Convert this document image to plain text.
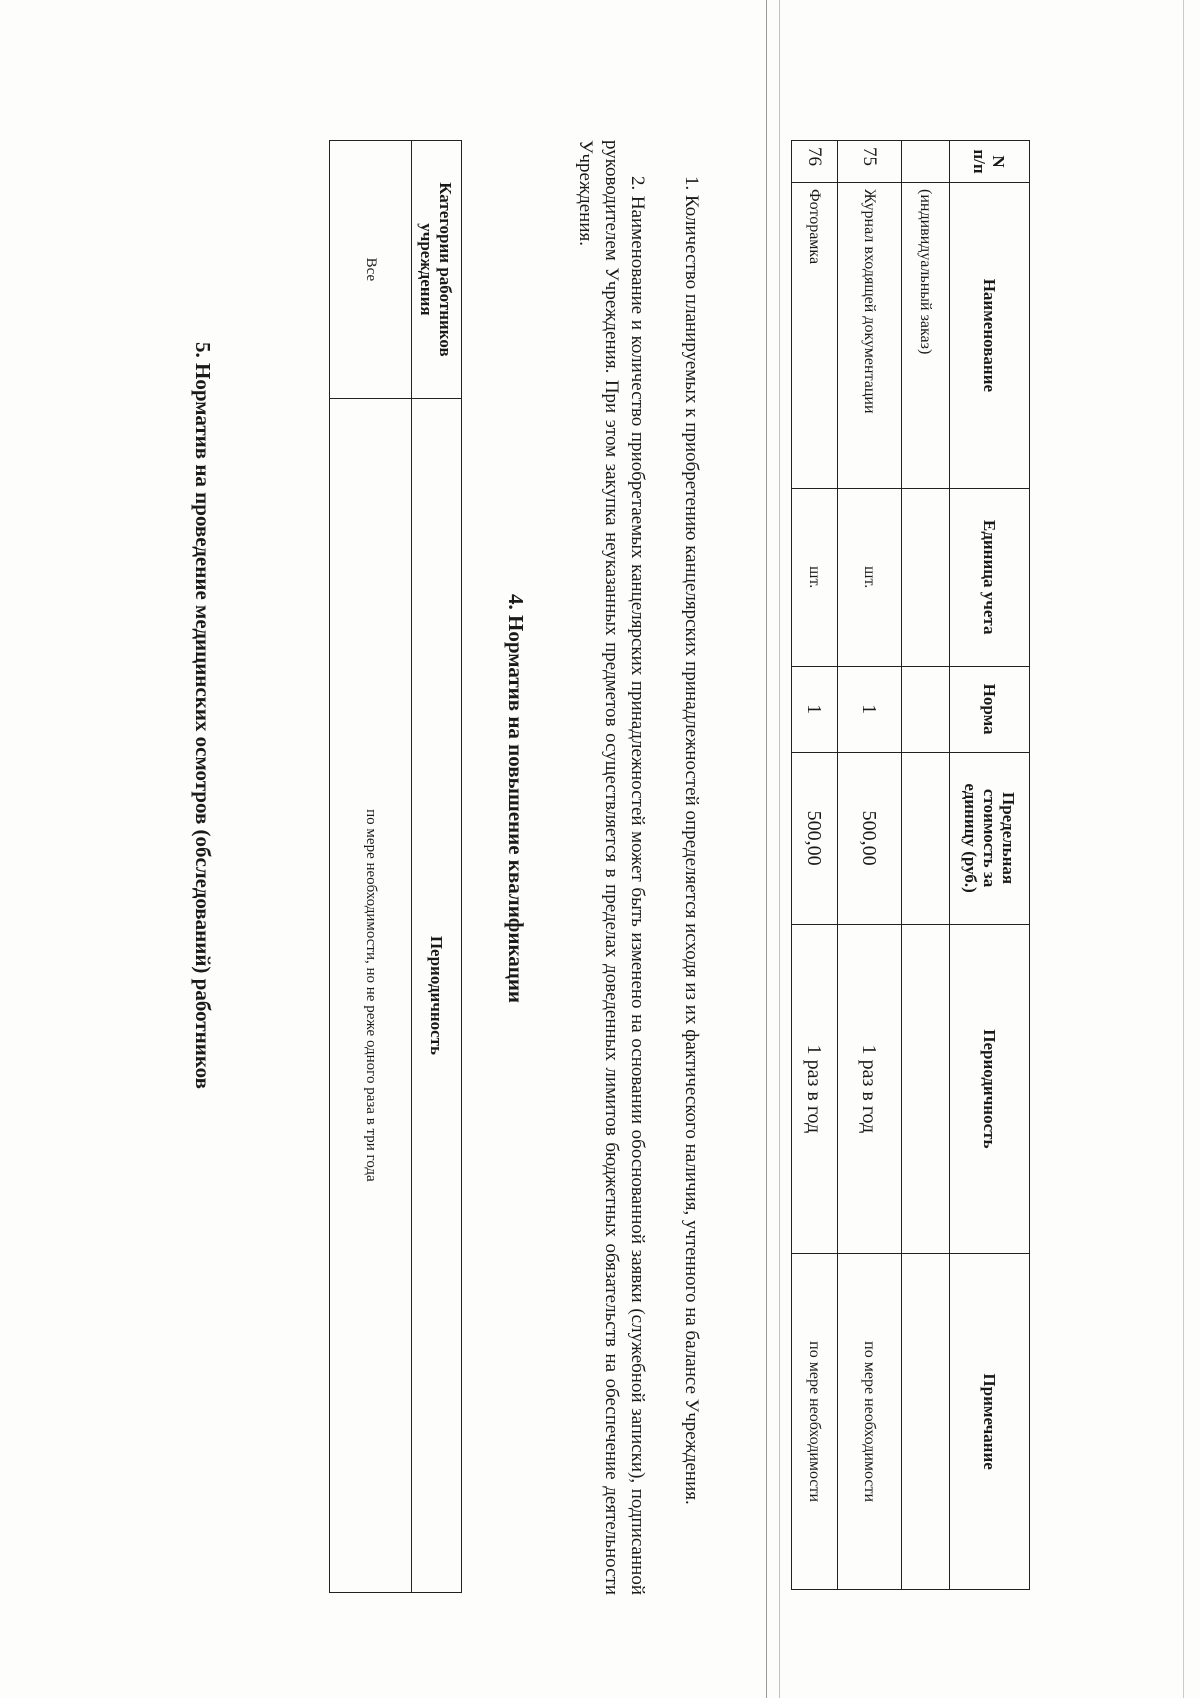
N п/п	Наименование	Единица учета	Норма	Предельная стоимость за единицу (руб.)	Периодичность	Примечание
	(индивидуальный заказ)					
75	Журнал входящей документации	шт.	1	500,00	1 раз в год	по мере необходимости
76	Фоторамка	шт.	1	500,00	1 раз в год	по мере необходимости
1. Количество планируемых к приобретению канцелярских принадлежностей определяется исходя из их фактического наличия, учтенного на балансе Учреждения.
2. Наименование и количество приобретаемых канцелярских принадлежностей может быть изменено на основании обоснованной заявки (служебной записки), подписанной руководителем Учреждения. При этом закупка неуказанных предметов осуществляется в пределах доведенных лимитов бюджетных обязательств на обеспечение деятельности Учреждения.
4. Норматив на повышение квалификации
Категории работников учреждения	Периодичность
Все	по мере необходимости, но не реже одного раза в три года
5. Норматив на проведение медицинских осмотров (обследований) работников
